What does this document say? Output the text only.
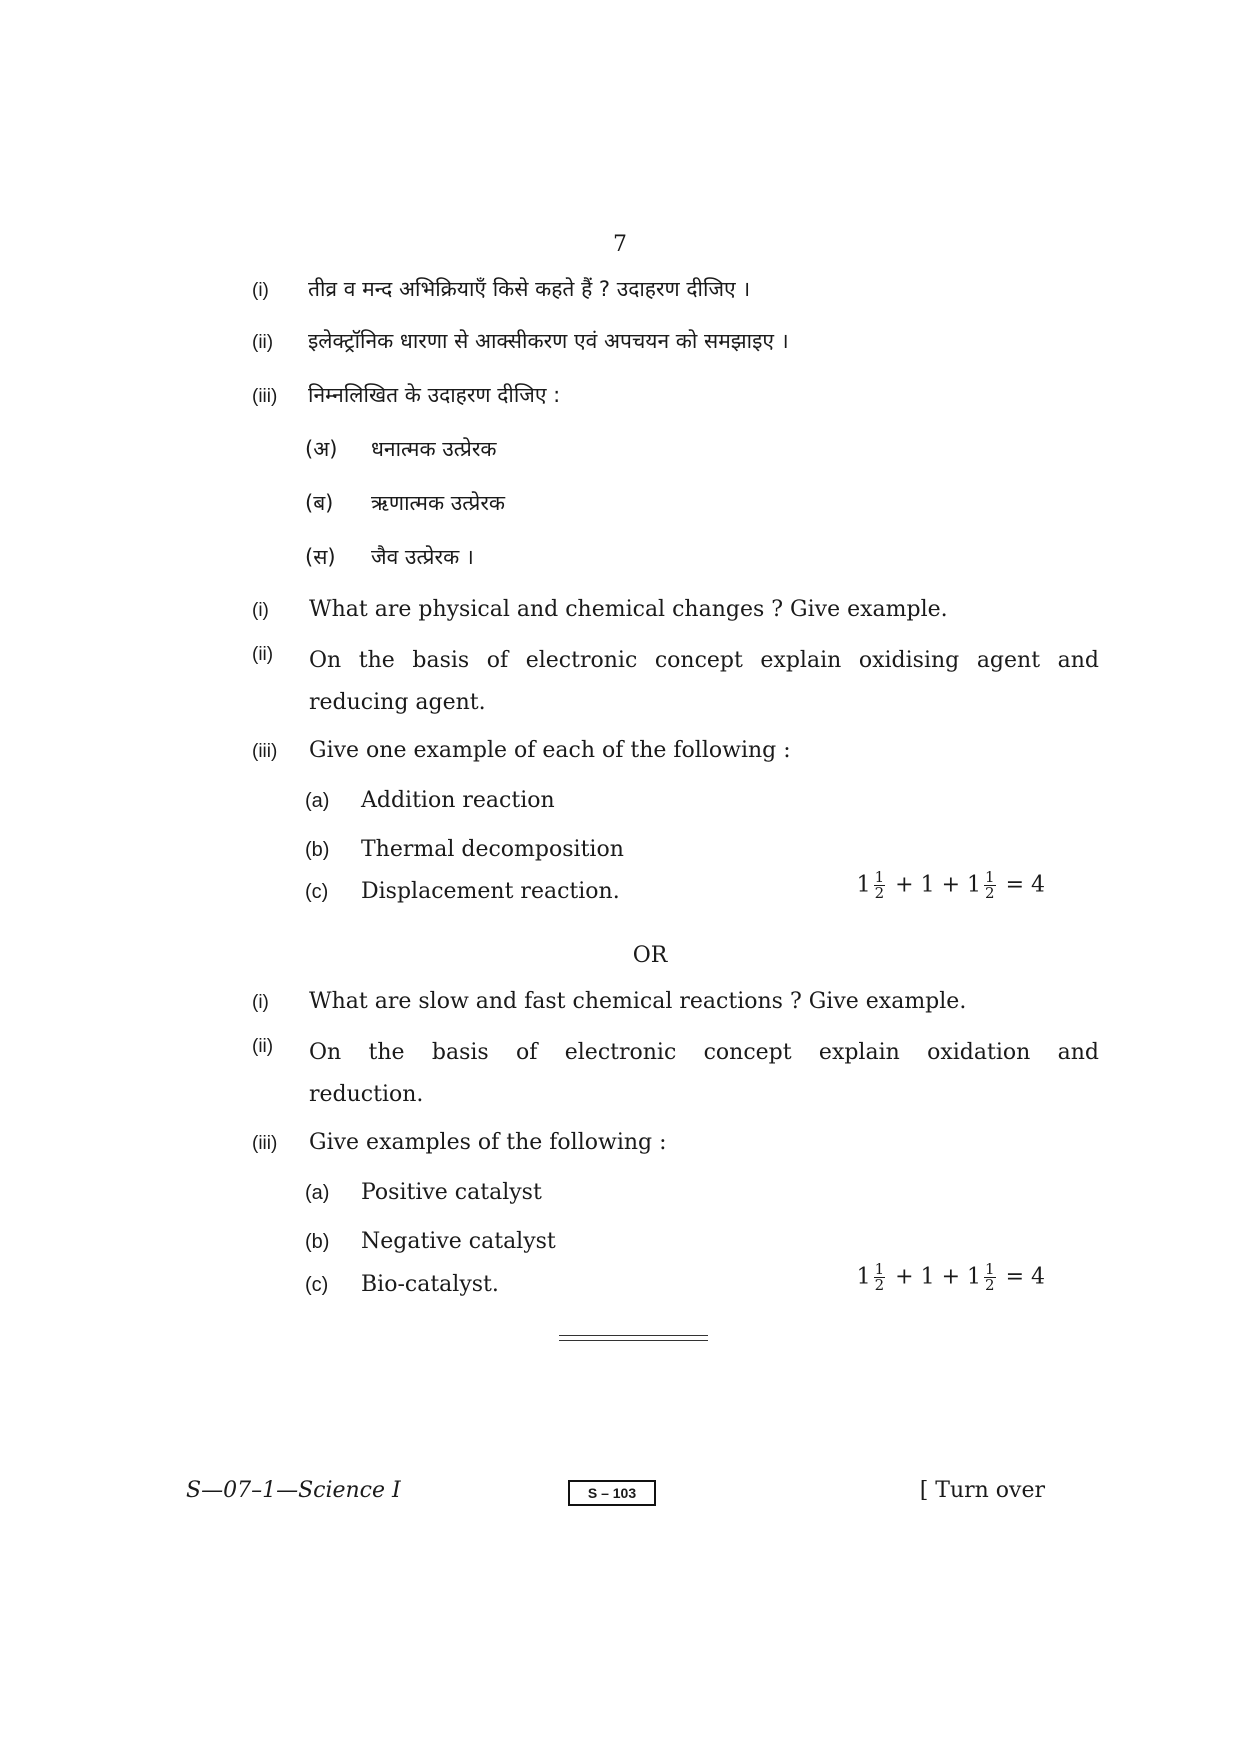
7
(i) तीव्र व मन्द अभिक्रियाएँ किसे कहते हैं ? उदाहरण दीजिए ।
(ii) इलेक्ट्रॉनिक धारणा से आक्सीकरण एवं अपचयन को समझाइए ।
(iii) निम्नलिखित के उदाहरण दीजिए :
(अ) धनात्मक उत्प्रेरक
(ब) ऋणात्मक उत्प्रेरक
(स) जैव उत्प्रेरक ।
(i) What are physical and chemical changes ? Give example.
(ii)	On the basis of electronic concept explain oxidising agent and
reducing agent.
(iii) Give one example of each of the following :
(a) Addition reaction
(b) Thermal decomposition
(c) Displacement reaction.	$1 \frac{1}{2} + 1 + 1 \frac{1}{2} = 4$
OR
(i) What are slow and fast chemical reactions ? Give example.
(ii)	On the basis of electronic concept explain oxidation and
reduction.
(iii) Give examples of the following :
(a) Positive catalyst
(b) Negative catalyst
(c) Bio-catalyst.	$1 \frac{1}{2} + 1 + 1 \frac{1}{2} = 4$
S—07–1—Science I	S – 103	[ Turn over
